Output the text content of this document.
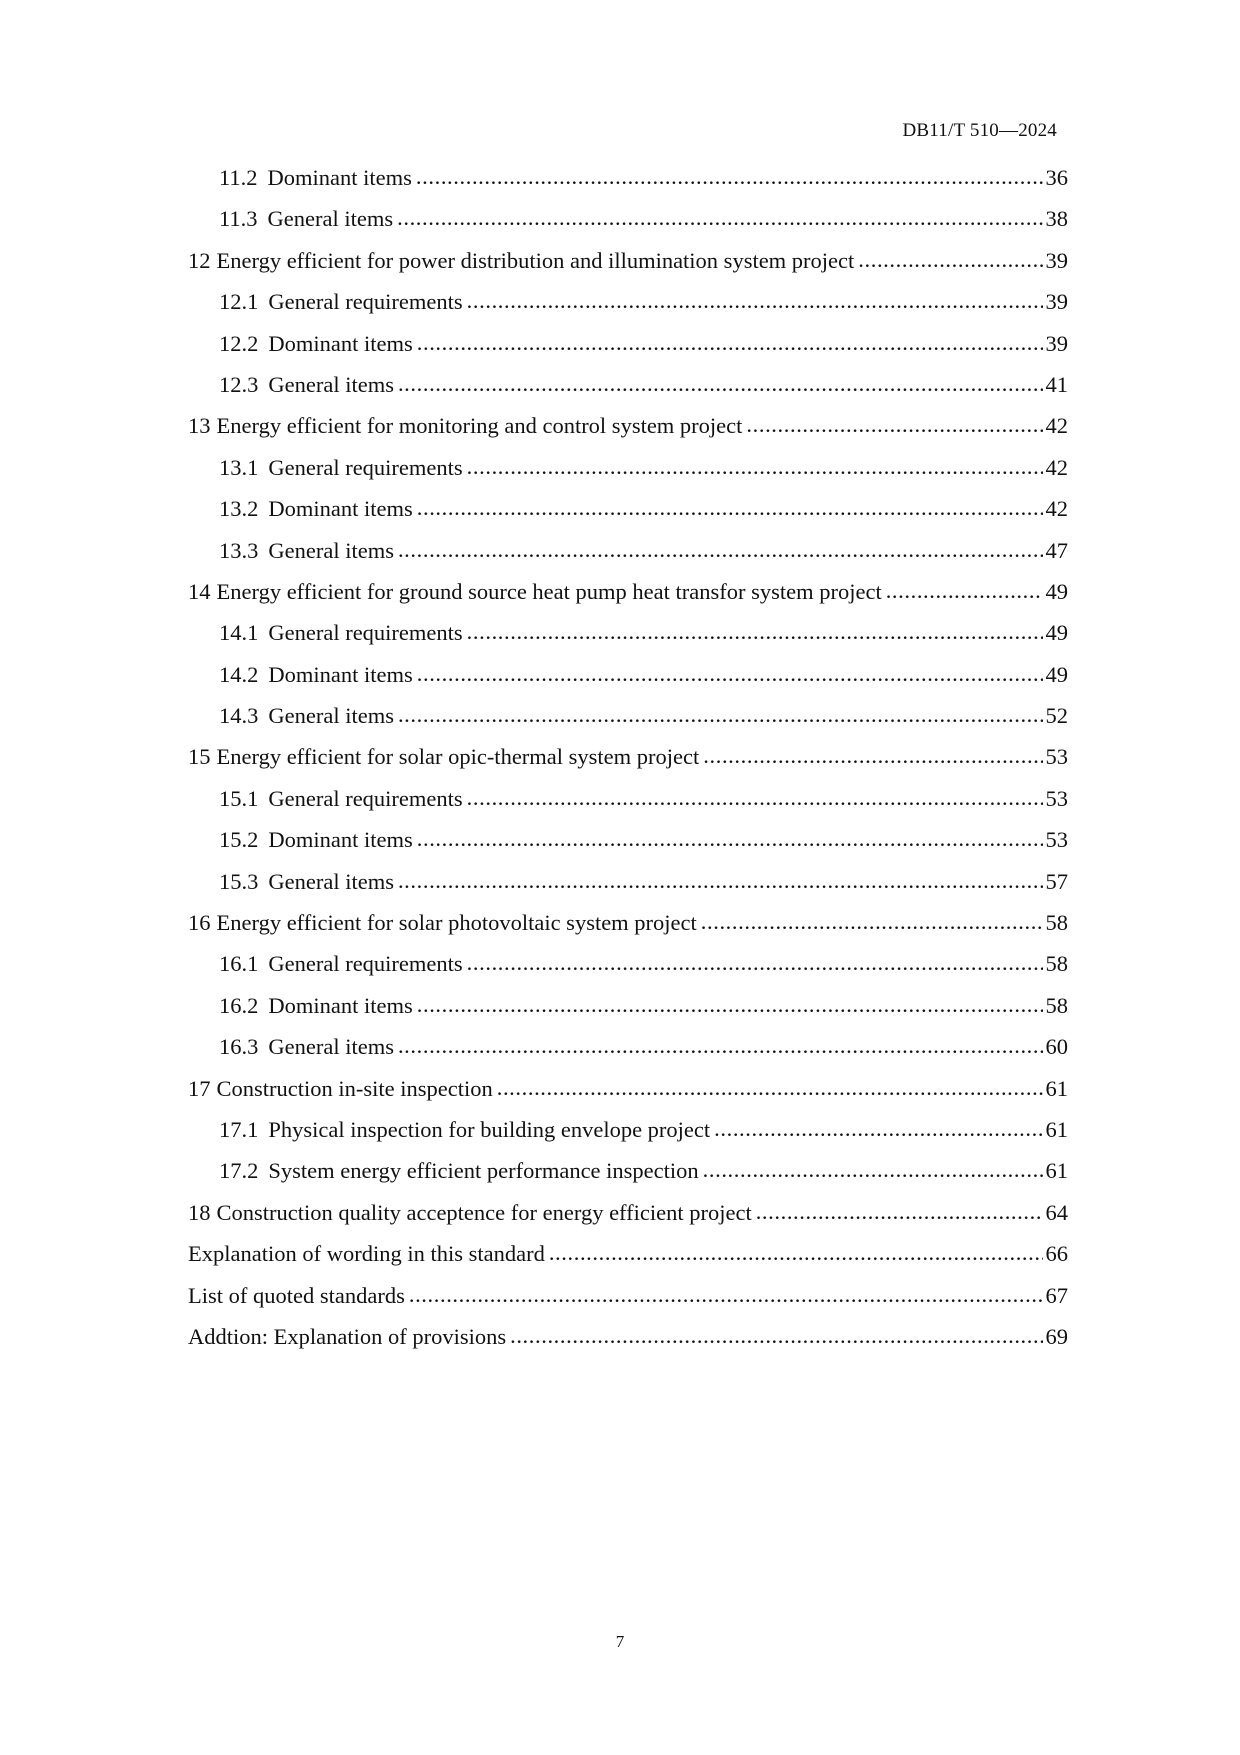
DB11/T 510—2024
11.2 Dominant items .....	36
11.3 General items .....	38
12 Energy efficient for power distribution and illumination system project .....	39
12.1 General requirements .....	39
12.2 Dominant items .....	39
12.3 General items .....	41
13 Energy efficient for monitoring and control system project .....	42
13.1 General requirements .....	42
13.2 Dominant items .....	42
13.3 General items .....	47
14 Energy efficient for ground source heat pump heat transfor system project .....	49
14.1 General requirements .....	49
14.2 Dominant items .....	49
14.3 General items .....	52
15 Energy efficient for solar opic-thermal system project .....	53
15.1 General requirements .....	53
15.2 Dominant items .....	53
15.3 General items .....	57
16 Energy efficient for solar photovoltaic system project .....	58
16.1 General requirements .....	58
16.2 Dominant items .....	58
16.3 General items .....	60
17 Construction in-site inspection .....	61
17.1 Physical inspection for building envelope project .....	61
17.2 System energy efficient performance inspection .....	61
18 Construction quality acceptence for energy efficient project .....	64
Explanation of wording in this standard .....	66
List of quoted standards .....	67
Addtion: Explanation of provisions .....	69
7
